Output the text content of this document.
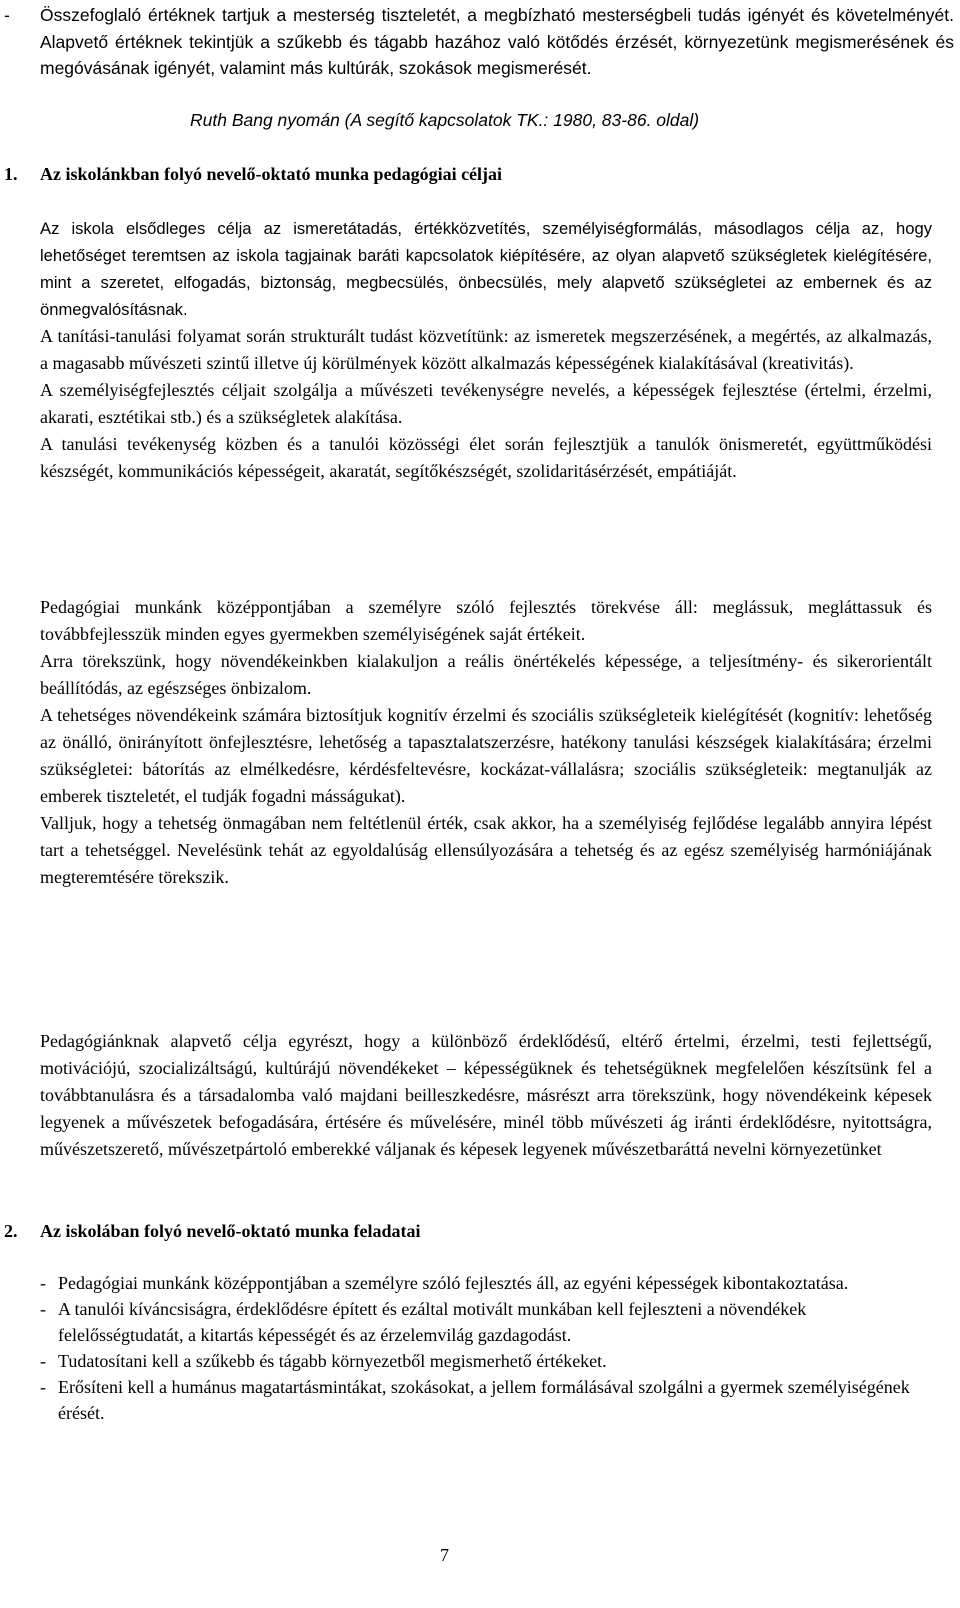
-	Összefoglaló értéknek tartjuk a mesterség tiszteletét, a megbízható mesterségbeli tudás igényét és követelményét. Alapvető értéknek tekintjük a szűkebb és tágabb hazához való kötődés érzését, környezetünk megismerésének és megóvásának igényét, valamint más kultúrák, szokások megismerését.
Ruth Bang nyomán (A segítő kapcsolatok TK.: 1980, 83-86. oldal)
1.	Az iskolánkban folyó nevelő-oktató munka pedagógiai céljai

Az iskola elsődleges célja az ismeretátadás, értékközvetítés, személyiségformálás, másodlagos célja az, hogy lehetőséget teremtsen az iskola tagjainak baráti kapcsolatok kiépítésére, az olyan alapvető szükségletek kielégítésére, mint a szeretet, elfogadás, biztonság, megbecsülés, önbecsülés, mely alapvető szükségletei az embernek és az önmegvalósításnak.

A tanítási-tanulási folyamat során strukturált tudást közvetítünk: az ismeretek megszerzésének, a megértés, az alkalmazás, a magasabb művészeti szintű illetve új körülmények között alkalmazás képességének kialakításával (kreativitás).

A személyiségfejlesztés céljait szolgálja a művészeti tevékenységre nevelés, a képességek fejlesztése (értelmi, érzelmi, akarati, esztétikai stb.) és a szükségletek alakítása.

A tanulási tevékenység közben és a tanulói közösségi élet során fejlesztjük a tanulók önismeretét, együttműködési készségét, kommunikációs képességeit, akaratát, segítőkészségét, szolidaritásérzését, empátiáját.

Pedagógiai munkánk középpontjában a személyre szóló fejlesztés törekvése áll: meglássuk, megláttassuk és továbbfejlesszük minden egyes gyermekben személyiségének saját értékeit.

Arra törekszünk, hogy növendékeinkben kialakuljon a reális önértékelés képessége, a teljesítmény- és sikerorientált beállítódás, az egészséges önbizalom.

A tehetséges növendékeink számára biztosítjuk kognitív érzelmi és szociális szükségleteik kielégítését (kognitív: lehetőség az önálló, önirányított önfejlesztésre, lehetőség a tapasztalatszerzésre, hatékony tanulási készségek kialakítására; érzelmi szükségletei: bátorítás az elmélkedésre, kérdésfeltevésre, kockázat-vállalásra; szociális szükségleteik: megtanulják az emberek tiszteletét, el tudják fogadni másságukat).

Valljuk, hogy a tehetség önmagában nem feltétlenül érték, csak akkor, ha a személyiség fejlődése legalább annyira lépést tart a tehetséggel. Nevelésünk tehát az egyoldalúság ellensúlyozására a tehetség és az egész személyiség harmóniájának megteremtésére törekszik.

Pedagógiánknak alapvető célja egyrészt, hogy a különböző érdeklődésű, eltérő értelmi, érzelmi, testi fejlettségű, motivációjú, szocializáltságú, kultúrájú növendékeket – képességüknek és tehetségüknek megfelelően készítsünk fel a továbbtanulásra és a társadalomba való majdani beilleszkedésre, másrészt arra törekszünk, hogy növendékeink képesek legyenek a művészetek befogadására, értésére és művelésére, minél több művészeti ág iránti érdeklődésre, nyitottságra, művészetszerető, művészetpártoló emberekké váljanak és képesek legyenek művészetbaráttá nevelni környezetünket

2.	Az iskolában folyó nevelő-oktató munka feladatai
- Pedagógiai munkánk középpontjában a személyre szóló fejlesztés áll, az egyéni képességek kibontakoztatása.
- A tanulói kíváncsiságra, érdeklődésre épített és ezáltal motivált munkában kell fejleszteni a növendékek felelősségtudatát, a kitartás képességét és az érzelemvilág gazdagodást.
- Tudatosítani kell a szűkebb és tágabb környezetből megismerhető értékeket.
- Erősíteni kell a humánus magatartásmintákat, szokásokat, a jellem formálásával szolgálni a gyermek személyiségének érését.
7
